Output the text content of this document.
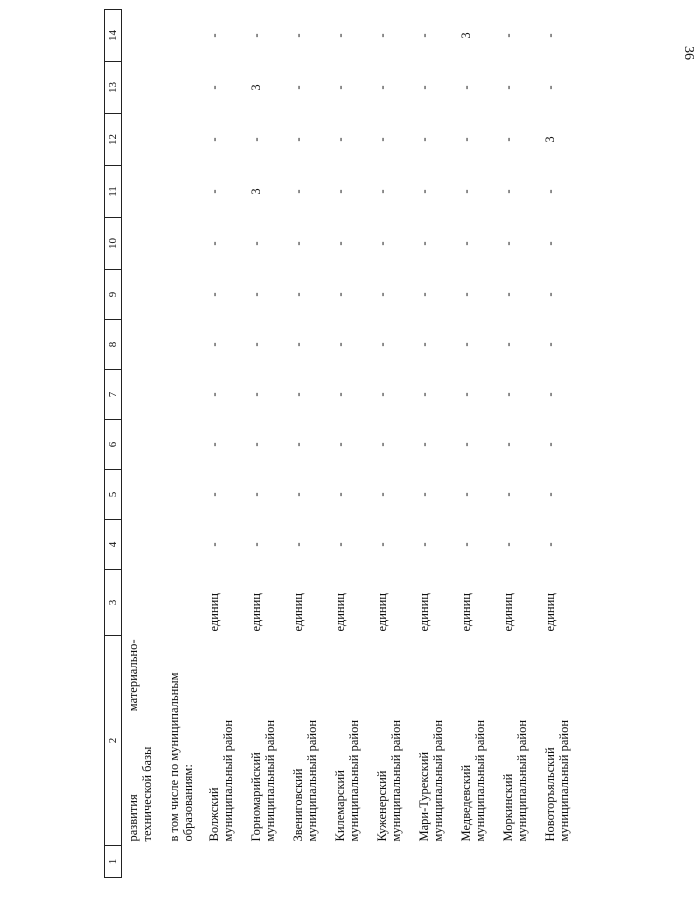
36
1	2	3	4	5	6	7	8	9	10	11	12	13	14

	развития
материально-
технической базы												

	в том числе по муниципальным образованиям:												

	Волжский муниципальный район	единиц	-	-	-	-	-	-	-	-	-	-	-

	Горномарийский муниципальный район	единиц	-	-	-	-	-	-	-	3	-	3	-

	Звениговский муниципальный район	единиц	-	-	-	-	-	-	-	-	-	-	-

	Килемарский муниципальный район	единиц	-	-	-	-	-	-	-	-	-	-	-

	Куженерский муниципальный район	единиц	-	-	-	-	-	-	-	-	-	-	-

	Мари-Турекский муниципальный район	единиц	-	-	-	-	-	-	-	-	-	-	-

	Медведевский муниципальный район	единиц	-	-	-	-	-	-	-	-	-	-	3

	Моркинский муниципальный район	единиц	-	-	-	-	-	-	-	-	-	-	-

	Новоторъяльский муниципальный район	единиц	-	-	-	-	-	-	-	-	3	-	-
